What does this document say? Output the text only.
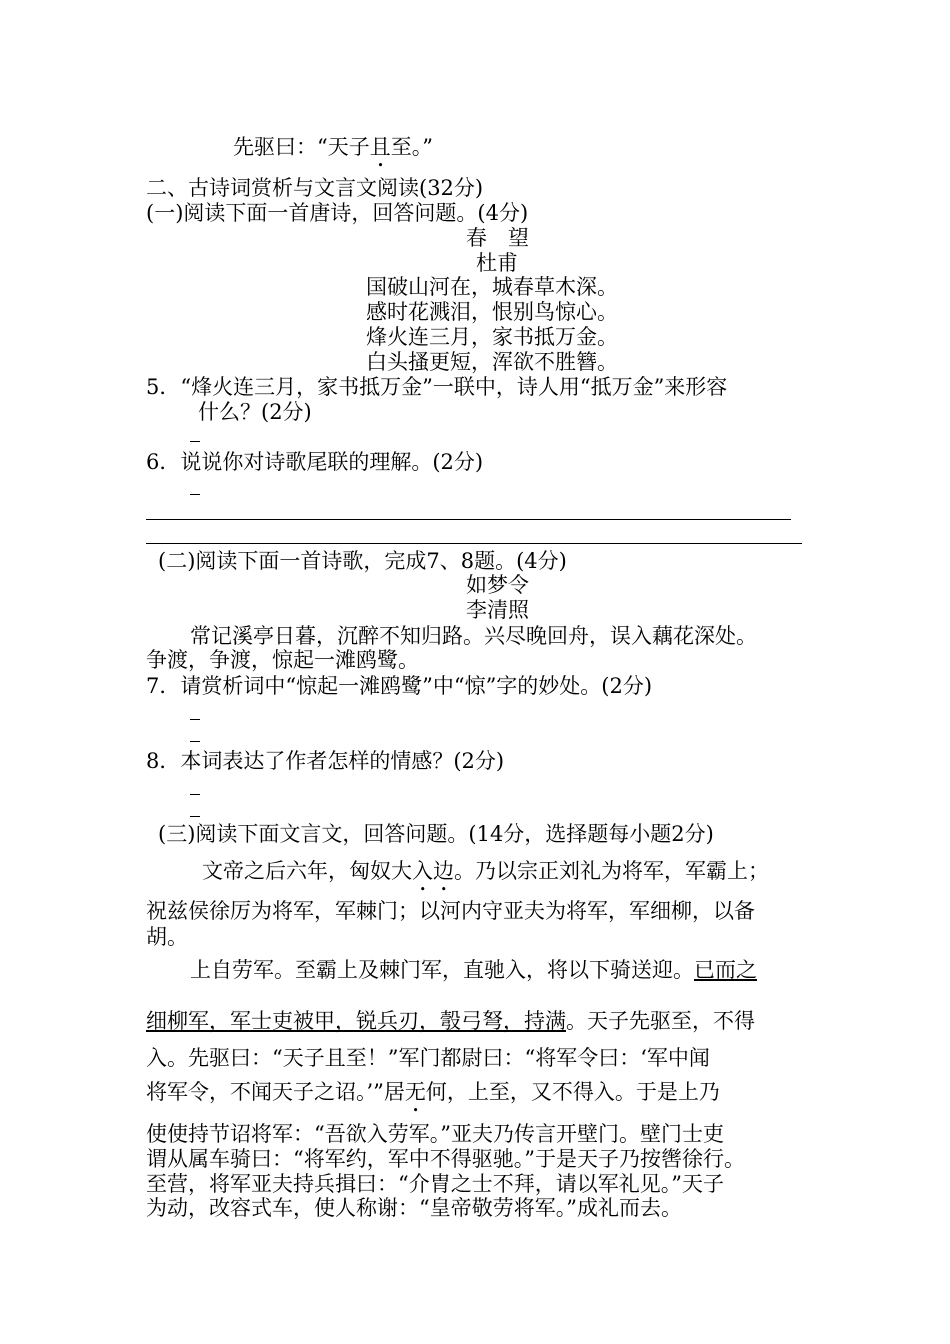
先驱曰：“天子且至。”
二、古诗词赏析与文言文阅读(32分)
(一)阅读下面一首唐诗，回答问题。(4分)
春　望
杜甫
国破山河在，城春草木深。
感时花溅泪，恨别鸟惊心。
烽火连三月，家书抵万金。
白头搔更短，浑欲不胜簪。
5．“烽火连三月，家书抵万金”一联中，诗人用“抵万金”来形容
什么？(2分)
6．说说你对诗歌尾联的理解。(2分)
(二)阅读下面一首诗歌，完成7、8题。(4分)
如梦令
李清照
常记溪亭日暮，沉醉不知归路。兴尽晚回舟，误入藕花深处。
争渡，争渡，惊起一滩鸥鹭。
7．请赏析词中“惊起一滩鸥鹭”中“惊”字的妙处。(2分)
8．本词表达了作者怎样的情感？(2分)
(三)阅读下面文言文，回答问题。(14分，选择题每小题2分)
文帝之后六年，匈奴大入边。乃以宗正刘礼为将军，军霸上；
祝兹侯徐厉为将军，军棘门；以河内守亚夫为将军，军细柳，以备
胡。
上自劳军。至霸上及棘门军，直驰入，将以下骑送迎。已而之
细柳军，军士吏被甲，锐兵刃，彀弓弩，持满。天子先驱至，不得
入。先驱曰：“天子且至！”军门都尉曰：“将军令曰：‘军中闻
将军令，不闻天子之诏。’”居无何，上至，又不得入。于是上乃
使使持节诏将军：“吾欲入劳军。”亚夫乃传言开壁门。壁门士吏
谓从属车骑曰：“将军约，军中不得驱驰。”于是天子乃按辔徐行。
至营，将军亚夫持兵揖曰：“介胄之士不拜，请以军礼见。”天子
为动，改容式车，使人称谢：“皇帝敬劳将军。”成礼而去。
